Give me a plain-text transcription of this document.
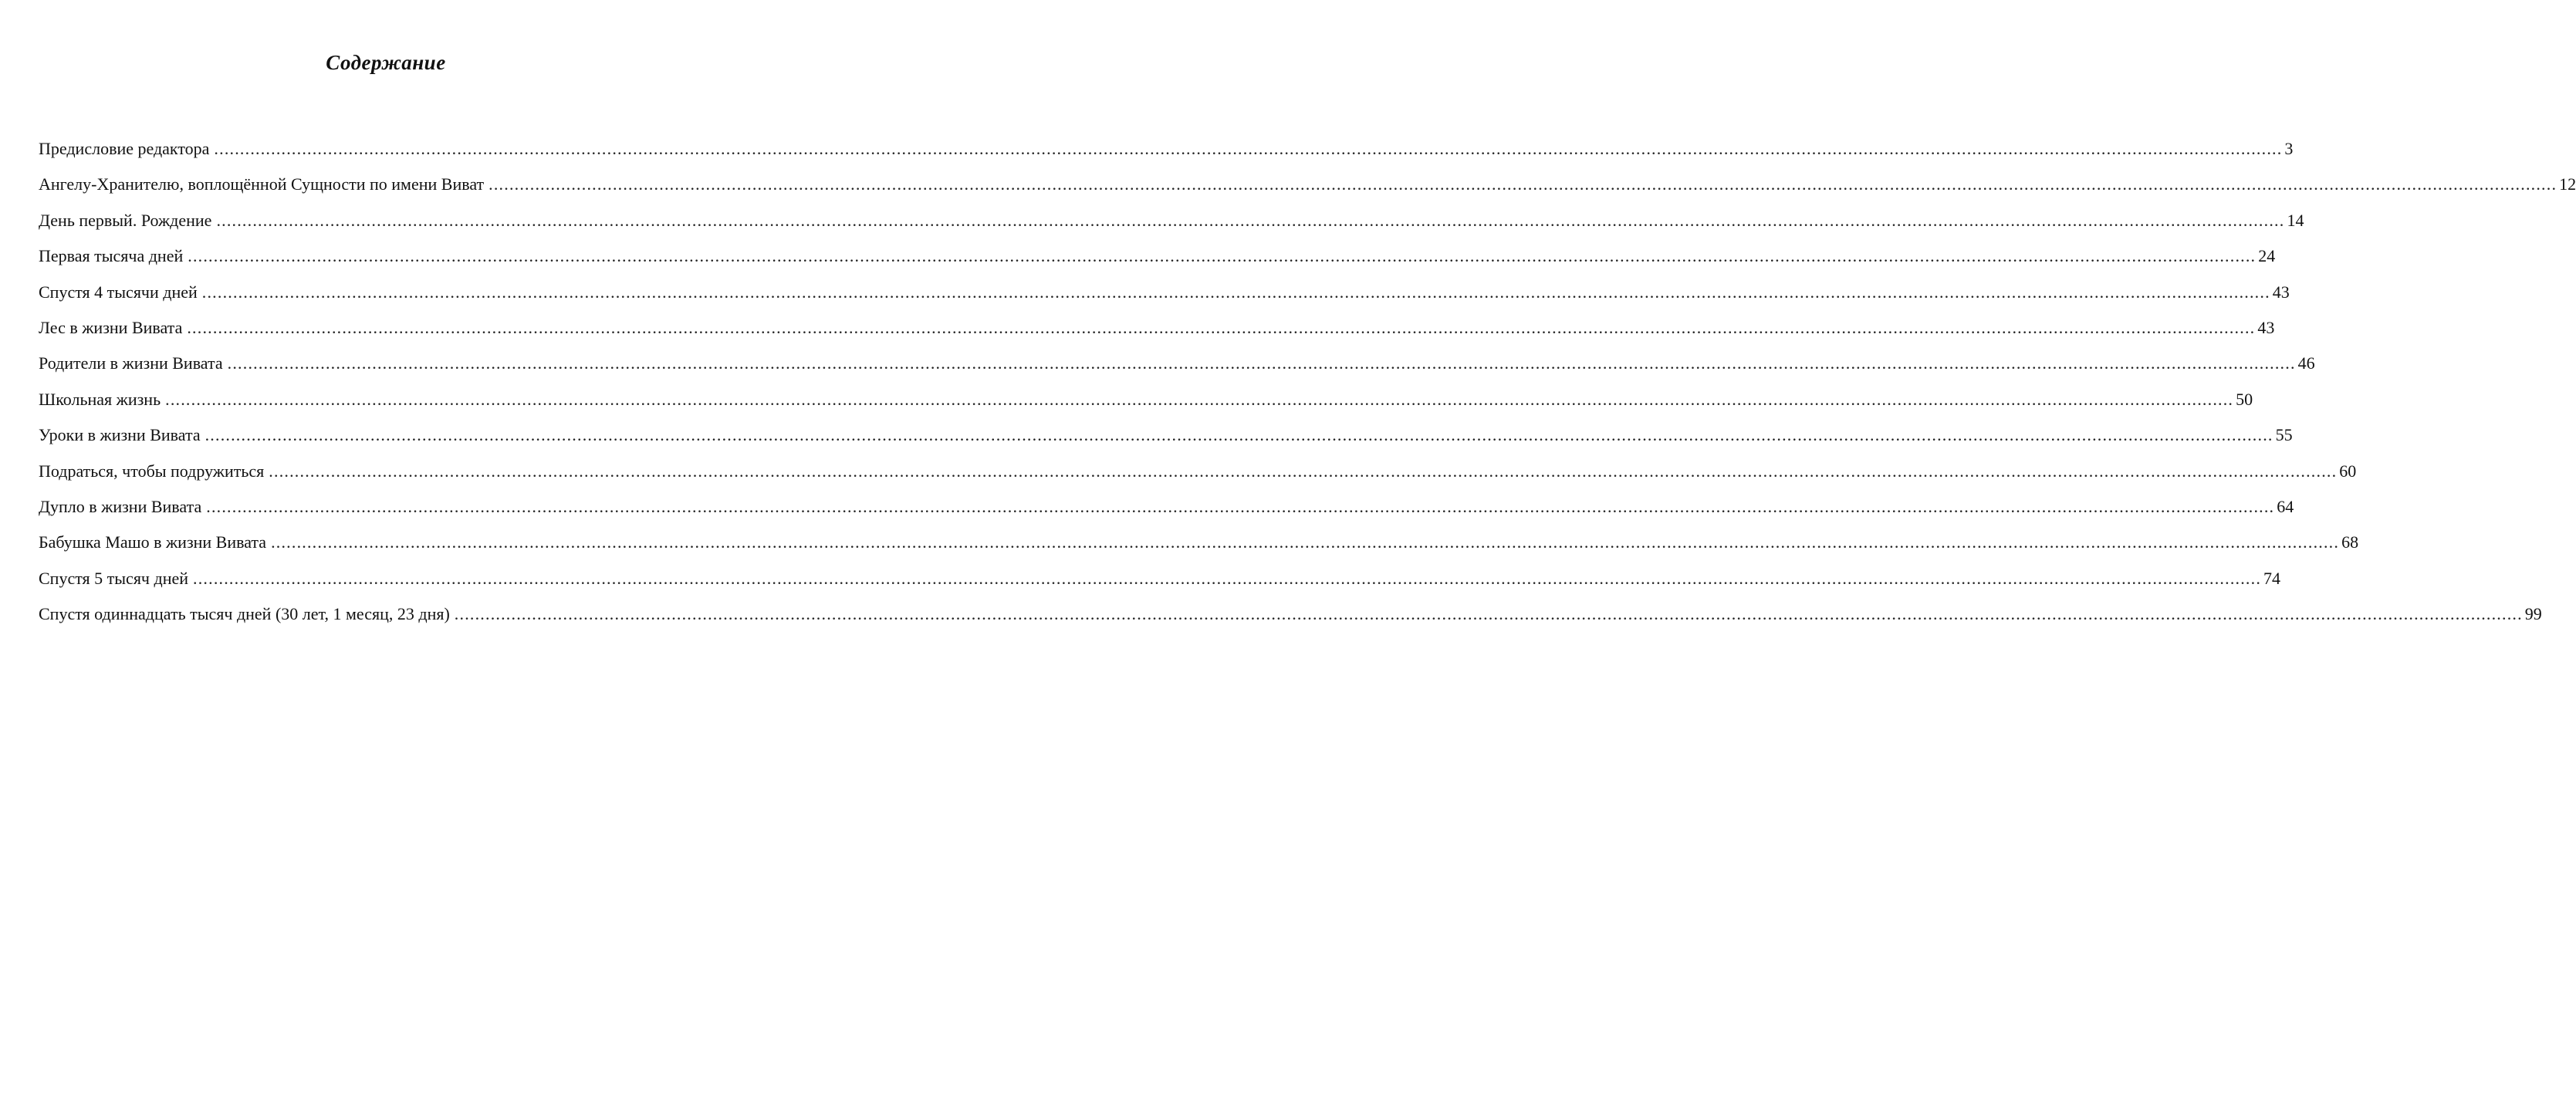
Содержание
Предисловие редактора ................................................................................................................................................................................................................................................................................................................................................................................................................ 3
Ангелу-Хранителю, воплощённой Сущности по имени Виват ................................................................................................................................................................................................................................................................................................................................................................................................................ 12
День первый. Рождение ................................................................................................................................................................................................................................................................................................................................................................................................................ 14
Первая тысяча дней ................................................................................................................................................................................................................................................................................................................................................................................................................ 24
Спустя 4 тысячи дней ................................................................................................................................................................................................................................................................................................................................................................................................................ 43
Лес в жизни Вивата ................................................................................................................................................................................................................................................................................................................................................................................................................ 43
Родители в жизни Вивата ................................................................................................................................................................................................................................................................................................................................................................................................................ 46
Школьная жизнь ................................................................................................................................................................................................................................................................................................................................................................................................................ 50
Уроки в жизни Вивата ................................................................................................................................................................................................................................................................................................................................................................................................................ 55
Подраться, чтобы подружиться ................................................................................................................................................................................................................................................................................................................................................................................................................ 60
Дупло в жизни Вивата ................................................................................................................................................................................................................................................................................................................................................................................................................ 64
Бабушка Машо в жизни Вивата ................................................................................................................................................................................................................................................................................................................................................................................................................ 68
Спустя 5 тысяч дней ................................................................................................................................................................................................................................................................................................................................................................................................................ 74
Спустя одиннадцать тысяч дней (30 лет, 1 месяц, 23 дня) ................................................................................................................................................................................................................................................................................................................................................................................................................ 99
